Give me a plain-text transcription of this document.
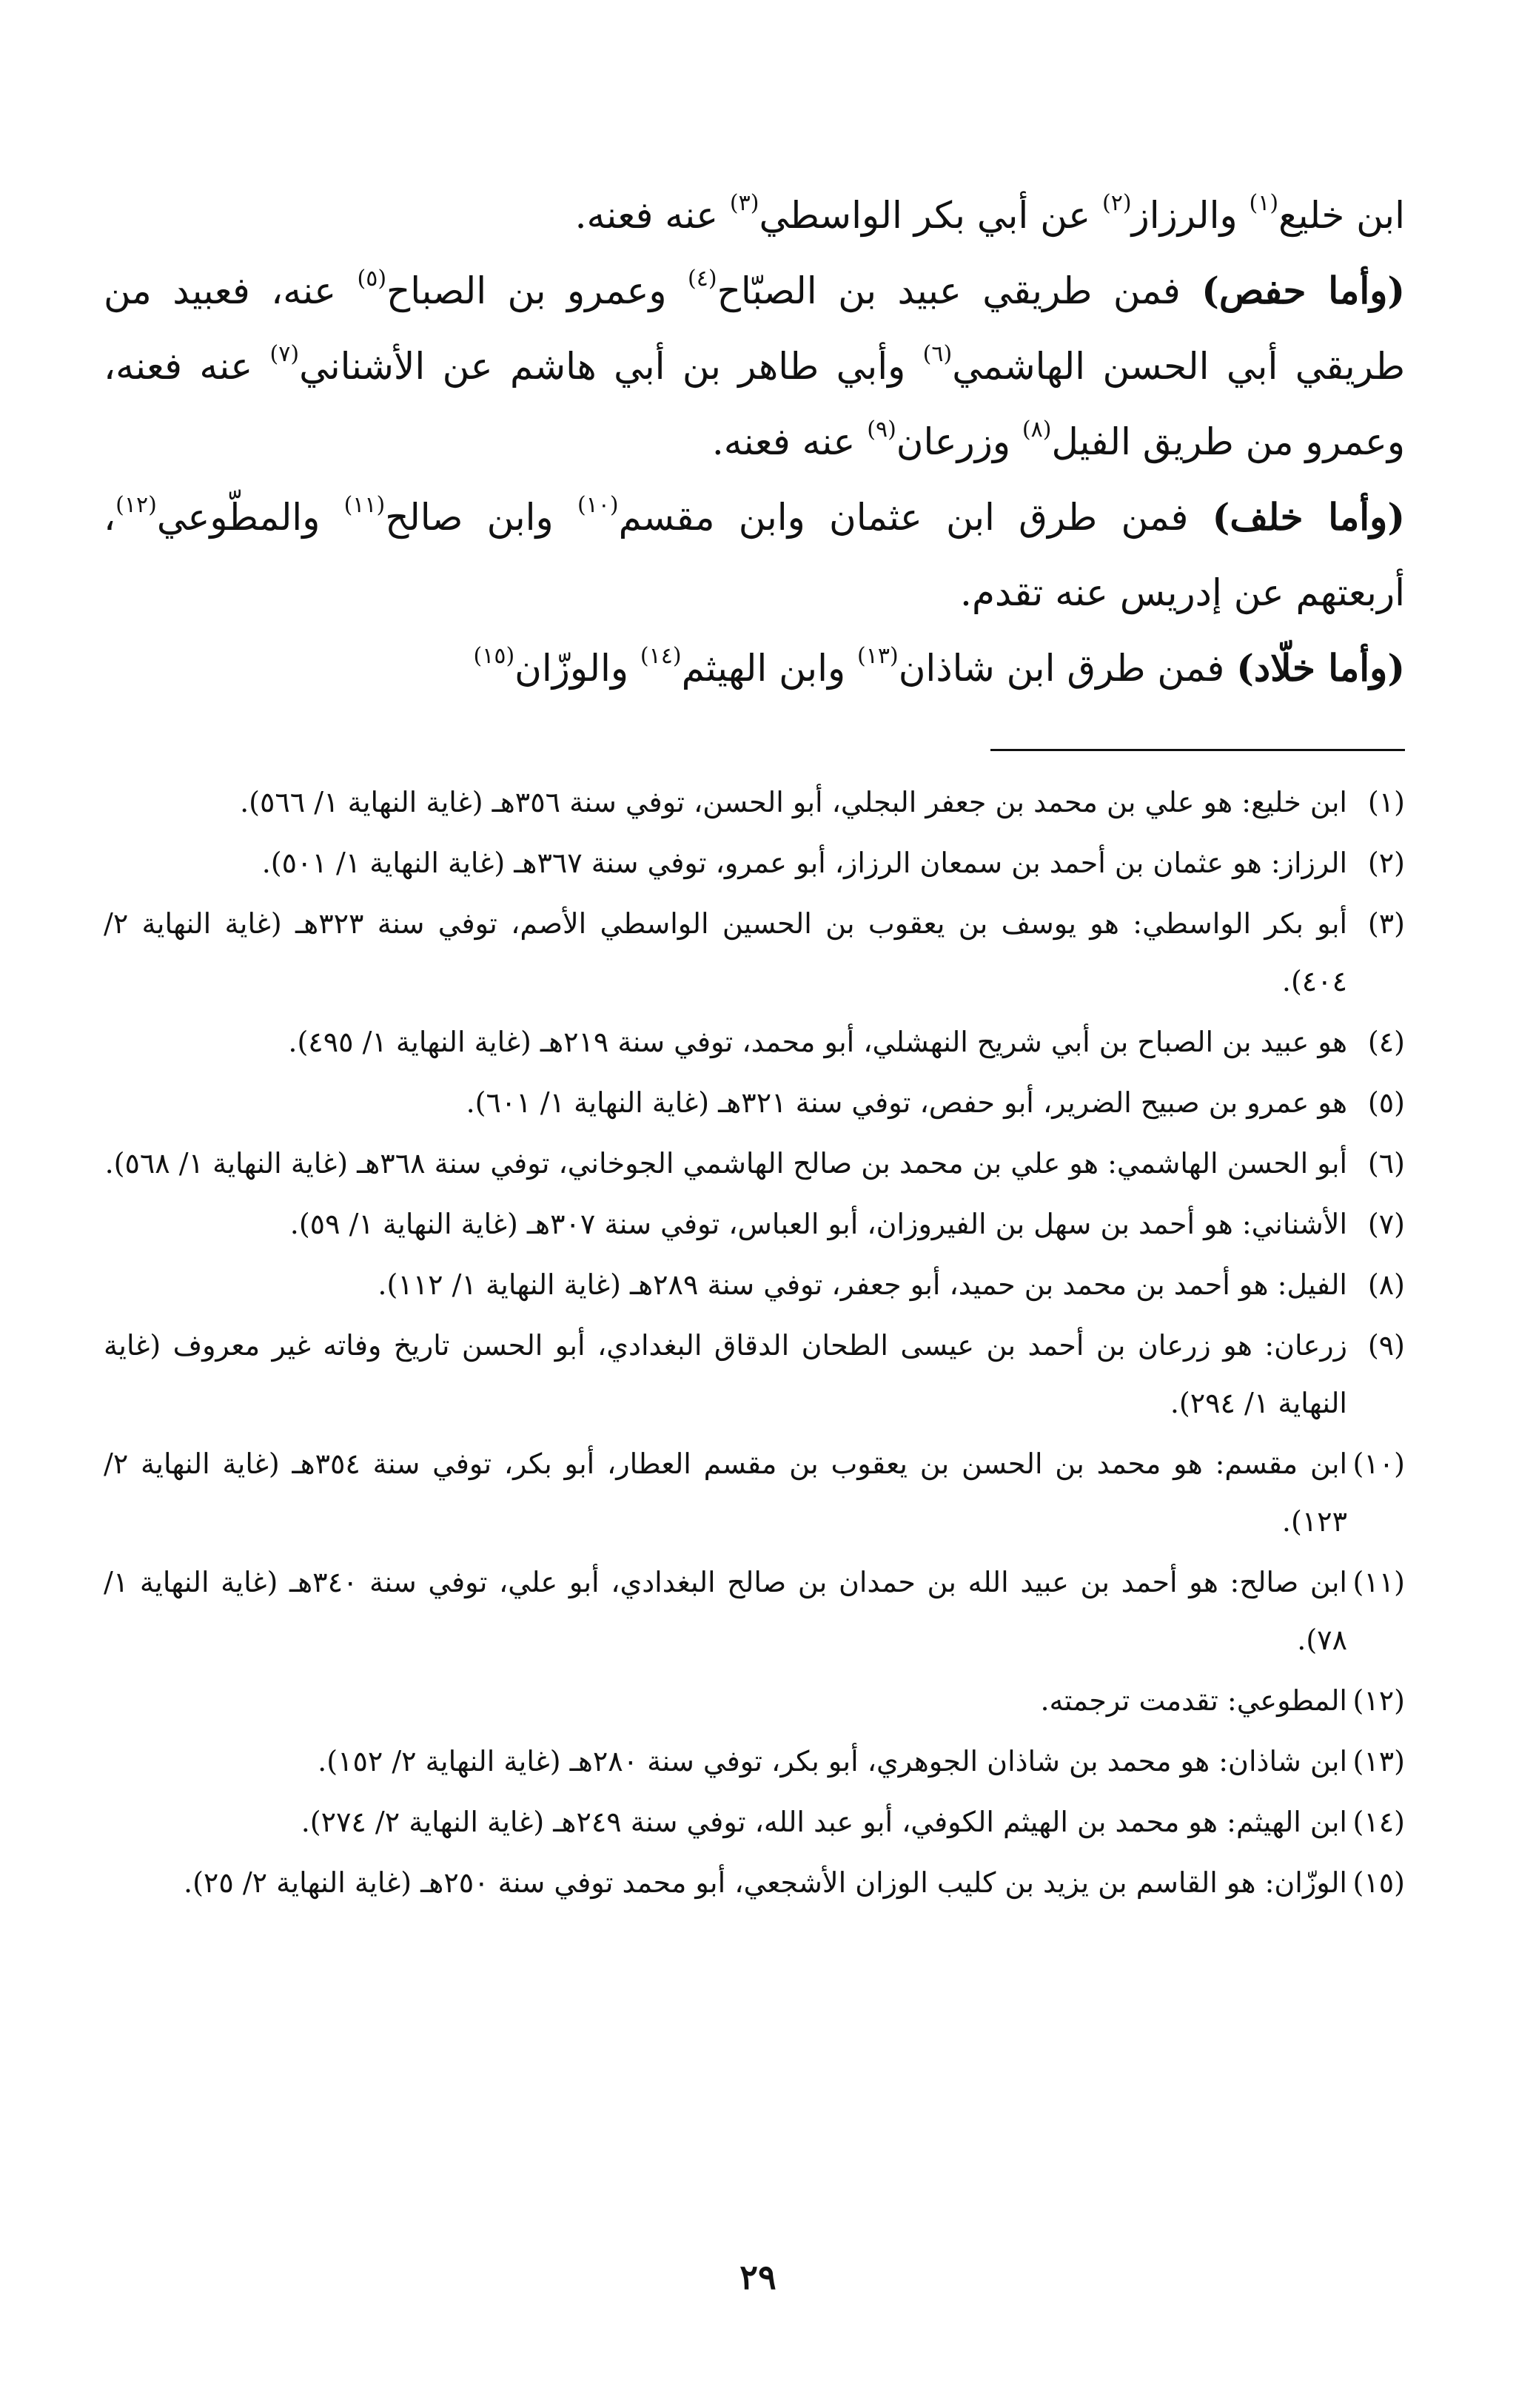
ابن خليع$^{(١)}$ والرزاز$^{(٢)}$ عن أبي بكر الواسطي$^{(٣)}$ عنه فعنه.

(وأما حفص) فمن طريقي عبيد بن الصبّاح$^{(٤)}$ وعمرو بن الصباح$^{(٥)}$ عنه، فعبيد من طريقي أبي الحسن الهاشمي$^{(٦)}$ وأبي طاهر بن أبي هاشم عن الأشناني$^{(٧)}$ عنه فعنه، وعمرو من طريق الفيل$^{(٨)}$ وزرعان$^{(٩)}$ عنه فعنه.

(وأما خلف) فمن طرق ابن عثمان وابن مقسم$^{(١٠)}$ وابن صالح$^{(١١)}$ والمطّوعي$^{(١٢)}$، أربعتهم عن إدريس عنه تقدم.

(وأما خلّاد) فمن طرق ابن شاذان$^{(١٣)}$ وابن الهيثم$^{(١٤)}$ والوزّان$^{(١٥)}$

(١)
ابن خليع: هو علي بن محمد بن جعفر البجلي، أبو الحسن، توفي سنة ٣٥٦هـ (غاية النهاية ١/ ٥٦٦).
(٢)
الرزاز: هو عثمان بن أحمد بن سمعان الرزاز، أبو عمرو، توفي سنة ٣٦٧هـ (غاية النهاية ١/ ٥٠١).
(٣)
أبو بكر الواسطي: هو يوسف بن يعقوب بن الحسين الواسطي الأصم، توفي سنة ٣٢٣هـ (غاية النهاية ٢/ ٤٠٤).
(٤)
هو عبيد بن الصباح بن أبي شريح النهشلي، أبو محمد، توفي سنة ٢١٩هـ (غاية النهاية ١/ ٤٩٥).
(٥)
هو عمرو بن صبيح الضرير، أبو حفص، توفي سنة ٣٢١هـ (غاية النهاية ١/ ٦٠١).
(٦)
أبو الحسن الهاشمي: هو علي بن محمد بن صالح الهاشمي الجوخاني، توفي سنة ٣٦٨هـ (غاية النهاية ١/ ٥٦٨).
(٧)
الأشناني: هو أحمد بن سهل بن الفيروزان، أبو العباس، توفي سنة ٣٠٧هـ (غاية النهاية ١/ ٥٩).
(٨)
الفيل: هو أحمد بن محمد بن حميد، أبو جعفر، توفي سنة ٢٨٩هـ (غاية النهاية ١/ ١١٢).
(٩)
زرعان: هو زرعان بن أحمد بن عيسى الطحان الدقاق البغدادي، أبو الحسن تاريخ وفاته غير معروف (غاية النهاية ١/ ٢٩٤).
(١٠)
ابن مقسم: هو محمد بن الحسن بن يعقوب بن مقسم العطار، أبو بكر، توفي سنة ٣٥٤هـ (غاية النهاية ٢/ ١٢٣).
(١١)
ابن صالح: هو أحمد بن عبيد الله بن حمدان بن صالح البغدادي، أبو علي، توفي سنة ٣٤٠هـ (غاية النهاية ١/ ٧٨).
(١٢)
المطوعي: تقدمت ترجمته.
(١٣)
ابن شاذان: هو محمد بن شاذان الجوهري، أبو بكر، توفي سنة ٢٨٠هـ (غاية النهاية ٢/ ١٥٢).
(١٤)
ابن الهيثم: هو محمد بن الهيثم الكوفي، أبو عبد الله، توفي سنة ٢٤٩هـ (غاية النهاية ٢/ ٢٧٤).
(١٥)
الوزّان: هو القاسم بن يزيد بن كليب الوزان الأشجعي، أبو محمد توفي سنة ٢٥٠هـ (غاية النهاية ٢/ ٢٥).
٢٩
